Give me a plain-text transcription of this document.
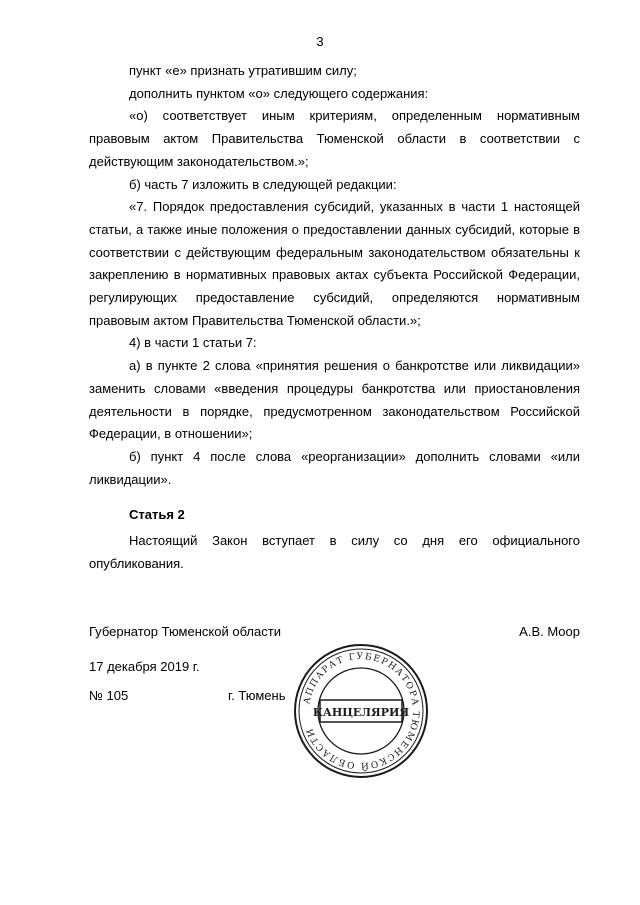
3

пункт «е» признать утратившим силу;

дополнить пунктом «о» следующего содержания:

«о) соответствует иным критериям, определенным нормативным правовым актом Правительства Тюменской области в соответствии с действующим законодательством.»;

б) часть 7 изложить в следующей редакции:

«7. Порядок предоставления субсидий, указанных в части 1 настоящей статьи, а также иные положения о предоставлении данных субсидий, которые в соответствии с действующим федеральным законодательством обязательны к закреплению в нормативных правовых актах субъекта Российской Федерации, регулирующих предоставление субсидий, определяются нормативным правовым актом Правительства Тюменской области.»;

4) в части 1 статьи 7:

а) в пункте 2 слова «принятия решения о банкротстве или ликвидации» заменить словами «введения процедуры банкротства или приостановления деятельности в порядке, предусмотренном законодательством Российской Федерации, в отношении»;

б) пункт 4 после слова «реорганизации» дополнить словами «или ликвидации».

Статья 2

Настоящий Закон вступает в силу со дня его официального опубликования.

Губернатор Тюменской области	А.В. Моор
17 декабря 2019 г.
№ 105	г. Тюмень АППАРАТ ГУБЕРНАТОРА ТЮМЕНСКОЙ ОБЛАСТИ
КАНЦЕЛЯРИЯ
